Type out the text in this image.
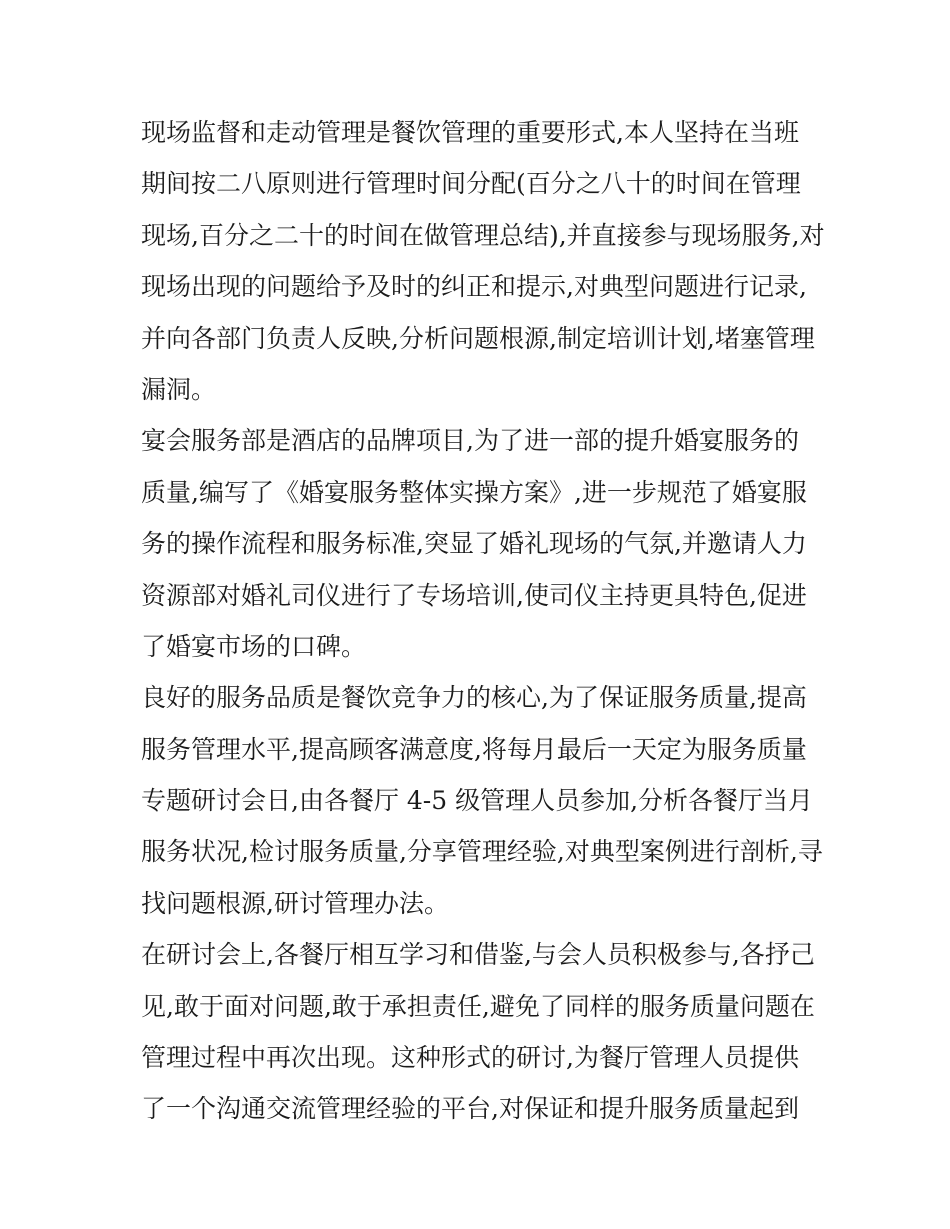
现场监督和走动管理是餐饮管理的重要形式,本人坚持在当班
期间按二八原则进行管理时间分配(百分之八十的时间在管理
现场,百分之二十的时间在做管理总结),并直接参与现场服务,对
现场出现的问题给予及时的纠正和提示,对典型问题进行记录,
并向各部门负责人反映,分析问题根源,制定培训计划,堵塞管理
漏洞。
宴会服务部是酒店的品牌项目,为了进一部的提升婚宴服务的
质量,编写了《婚宴服务整体实操方案》,进一步规范了婚宴服
务的操作流程和服务标准,突显了婚礼现场的气氛,并邀请人力
资源部对婚礼司仪进行了专场培训,使司仪主持更具特色,促进
了婚宴市场的口碑。
良好的服务品质是餐饮竞争力的核心,为了保证服务质量,提高
服务管理水平,提高顾客满意度,将每月最后一天定为服务质量
专题研讨会日,由各餐厅 4-5 级管理人员参加,分析各餐厅当月
服务状况,检讨服务质量,分享管理经验,对典型案例进行剖析,寻
找问题根源,研讨管理办法。
在研讨会上,各餐厅相互学习和借鉴,与会人员积极参与,各抒己
见,敢于面对问题,敢于承担责任,避免了同样的服务质量问题在
管理过程中再次出现。这种形式的研讨,为餐厅管理人员提供
了一个沟通交流管理经验的平台,对保证和提升服务质量起到
